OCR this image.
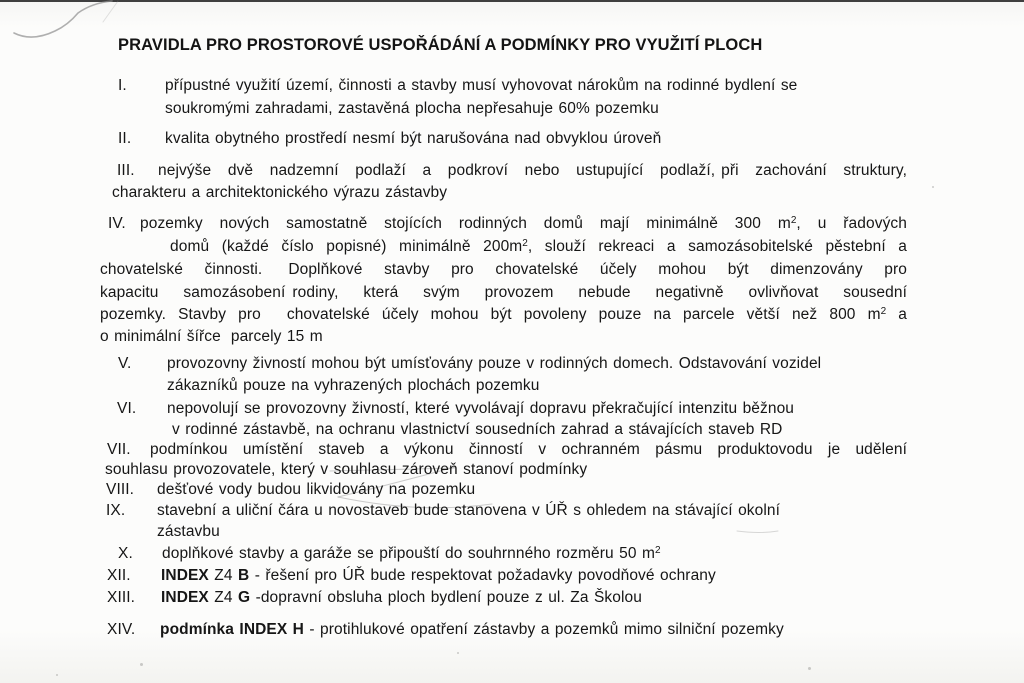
PRAVIDLA PRO PROSTOROVÉ USPOŘÁDÁNÍ A PODMÍNKY PRO VYUŽITÍ PLOCH
I. přípustné využití území, činnosti a stavby musí vyhovovat nárokům na rodinné bydlení se
soukromými zahradami, zastavěná plocha nepřesahuje 60% pozemku
II. kvalita obytného prostředí nesmí být narušována nad obvyklou úroveň
III. nejvýše dvě nadzemní podlaží a podkroví nebo ustupující podlaží, při zachování struktury,
charakteru a architektonického výrazu zástavby
IV. pozemky nových samostatně stojících rodinných domů mají minimálně 300 $m^2$, u řadových
domů (každé číslo popisné) minimálně $200m^2$, slouží rekreaci a samozásobitelské pěstební a
chovatelské činnosti. Doplňkové stavby pro chovatelské účely mohou být dimenzovány pro
kapacitu samozásobení rodiny, která svým provozem nebude negativně ovlivňovat sousední
pozemky. Stavby pro chovatelské účely mohou být povoleny pouze na parcele větší než 800 $m^2$ a
o minimální šířce parcely 15 m
V. provozovny živností mohou být umísťovány pouze v rodinných domech. Odstavování vozidel
zákazníků pouze na vyhrazených plochách pozemku
VI. nepovolují se provozovny živností, které vyvolávají dopravu překračující intenzitu běžnou
v rodinné zástavbě, na ochranu vlastnictví sousedních zahrad a stávajících staveb RD
VII. podmínkou umístění staveb a výkonu činností v ochranném pásmu produktovodu je udělení
souhlasu provozovatele, který v souhlasu zároveň stanoví podmínky
VIII. dešťové vody budou likvidovány na pozemku
IX. stavební a uliční čára u novostaveb bude stanovena v ÚŘ s ohledem na stávající okolní
zástavbu
X. doplňkové stavby a garáže se připouští do souhrnného rozměru 50 $m^2$
XII. INDEX Z4 B - řešení pro ÚŘ bude respektovat požadavky povodňové ochrany
XIII. INDEX Z4 G -dopravní obsluha ploch bydlení pouze z ul. Za Školou
XIV. podmínka INDEX H - protihlukové opatření zástavby a pozemků mimo silniční pozemky
